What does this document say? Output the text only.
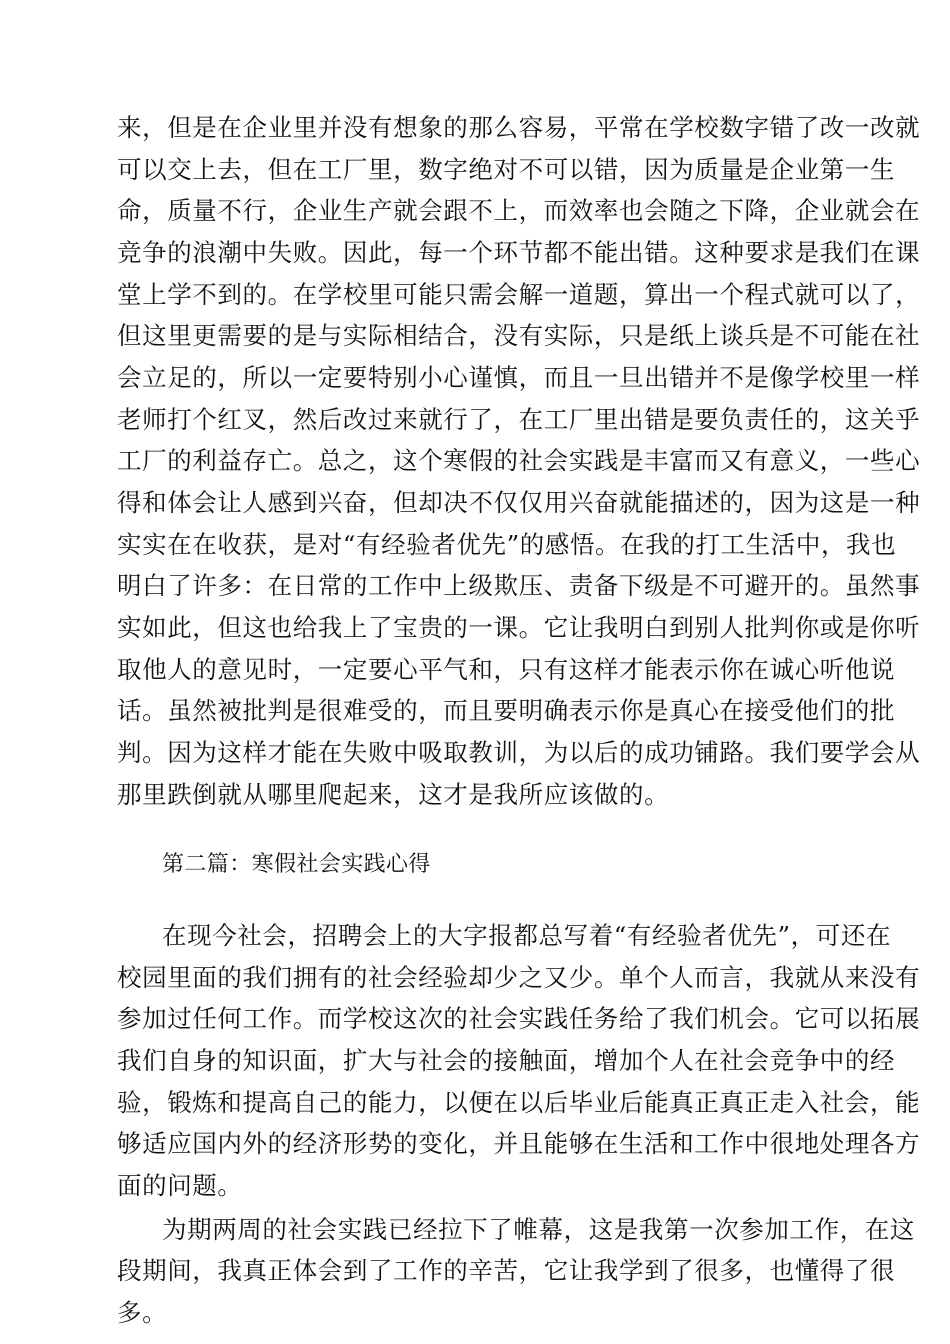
来，但是在企业里并没有想象的那么容易，平常在学校数字错了改一改就

可以交上去，但在工厂里，数字绝对不可以错，因为质量是企业第一生

命，质量不行，企业生产就会跟不上，而效率也会随之下降，企业就会在

竞争的浪潮中失败。因此，每一个环节都不能出错。这种要求是我们在课

堂上学不到的。在学校里可能只需会解一道题，算出一个程式就可以了，

但这里更需要的是与实际相结合，没有实际，只是纸上谈兵是不可能在社

会立足的，所以一定要特别小心谨慎，而且一旦出错并不是像学校里一样

老师打个红叉，然后改过来就行了，在工厂里出错是要负责任的，这关乎

工厂的利益存亡。总之，这个寒假的社会实践是丰富而又有意义，一些心

得和体会让人感到兴奋，但却决不仅仅用兴奋就能描述的，因为这是一种

实实在在收获，是对“有经验者优先”的感悟。在我的打工生活中，我也

明白了许多：在日常的工作中上级欺压、责备下级是不可避开的。虽然事

实如此，但这也给我上了宝贵的一课。它让我明白到别人批判你或是你听

取他人的意见时，一定要心平气和，只有这样才能表示你在诚心听他说

话。虽然被批判是很难受的，而且要明确表示你是真心在接受他们的批

判。因为这样才能在失败中吸取教训，为以后的成功铺路。我们要学会从

那里跌倒就从哪里爬起来，这才是我所应该做的。

第二篇：寒假社会实践心得

在现今社会，招聘会上的大字报都总写着“有经验者优先”，可还在

校园里面的我们拥有的社会经验却少之又少。单个人而言，我就从来没有

参加过任何工作。而学校这次的社会实践任务给了我们机会。它可以拓展

我们自身的知识面，扩大与社会的接触面，增加个人在社会竞争中的经

验，锻炼和提高自己的能力，以便在以后毕业后能真正真正走入社会，能

够适应国内外的经济形势的变化，并且能够在生活和工作中很地处理各方

面的问题。

为期两周的社会实践已经拉下了帷幕，这是我第一次参加工作，在这

段期间，我真正体会到了工作的辛苦，它让我学到了很多，也懂得了很

多。
